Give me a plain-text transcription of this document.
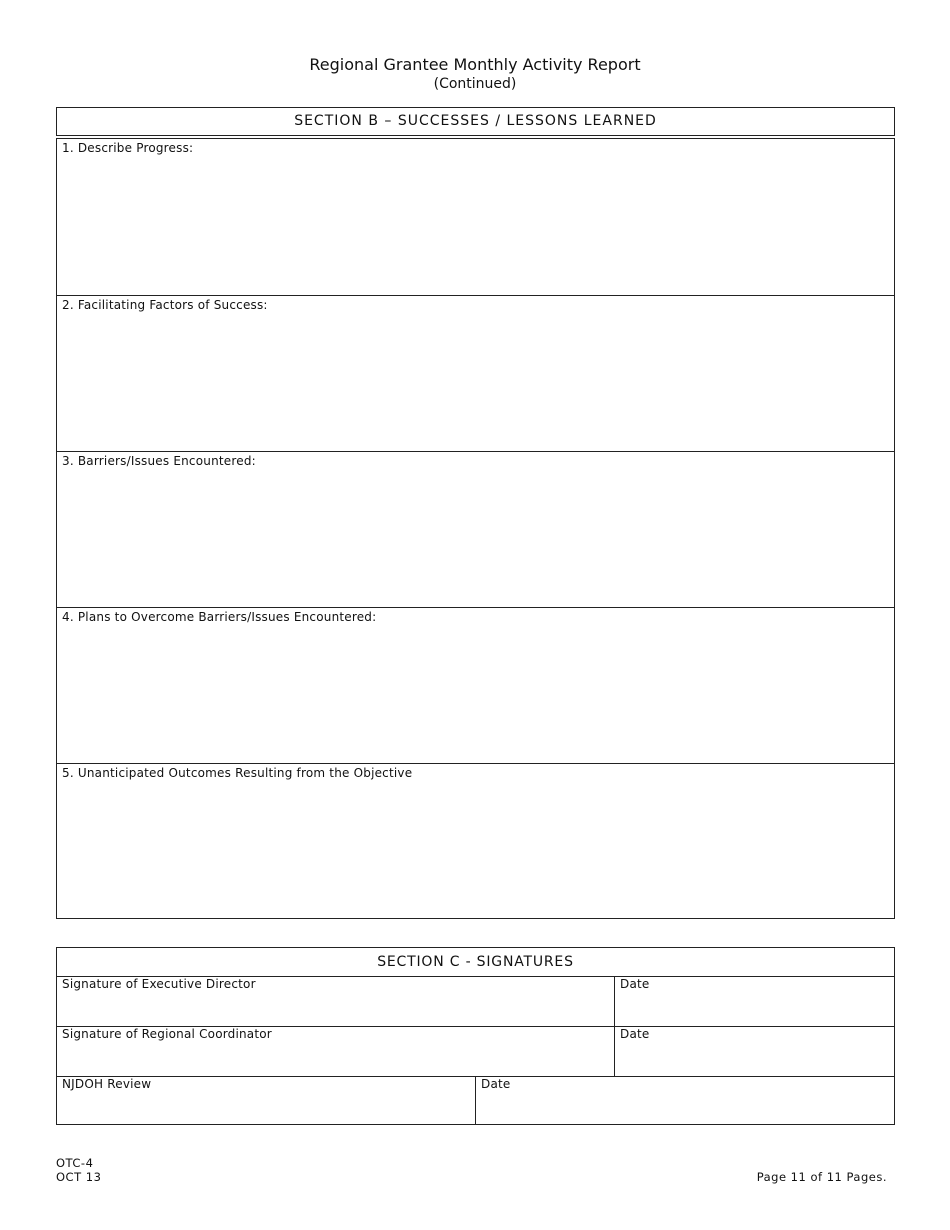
Regional Grantee Monthly Activity Report
(Continued)
SECTION B – SUCCESSES / LESSONS LEARNED
1. Describe Progress:
2. Facilitating Factors of Success:
3. Barriers/Issues Encountered:
4. Plans to Overcome Barriers/Issues Encountered:
5. Unanticipated Outcomes Resulting from the Objective
SECTION C - SIGNATURES
Signature of Executive Director	Date
Signature of Regional Coordinator	Date
NJDOH Review	Date
OTC-4
OCT 13	Page 11 of 11 Pages.
